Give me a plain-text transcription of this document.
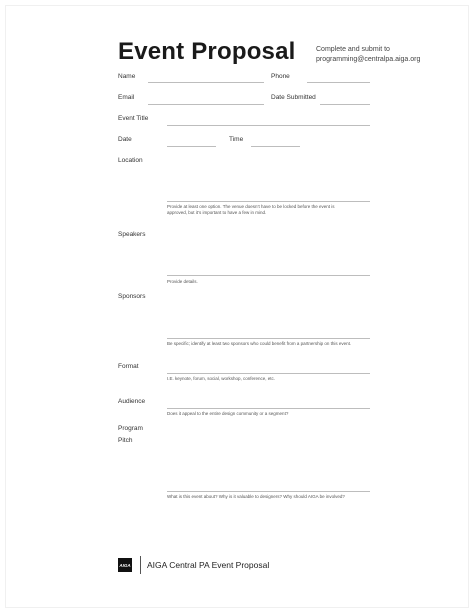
Event Proposal	Complete and submit to
programming@centralpa.aiga.org
Name	Phone
Email	Date Submitted
Event Title
Date	Time
Location
Provide at least one option. The venue doesn’t have to be locked before the event is
approved, but it’s important to have a few in mind.
Speakers
Provide details.
Sponsors
Be specific; identify at least two sponsors who could benefit from a partnership on this event.
Format
I.E. keynote, forum, social, workshop, conference, etc.
Audience
Does it appeal to the entire design community or a segment?
Program
Pitch
What is this event about? Why is it valuable to designers? Why should AIGA be involved?
AIGA AIGA Central PA Event Proposal
